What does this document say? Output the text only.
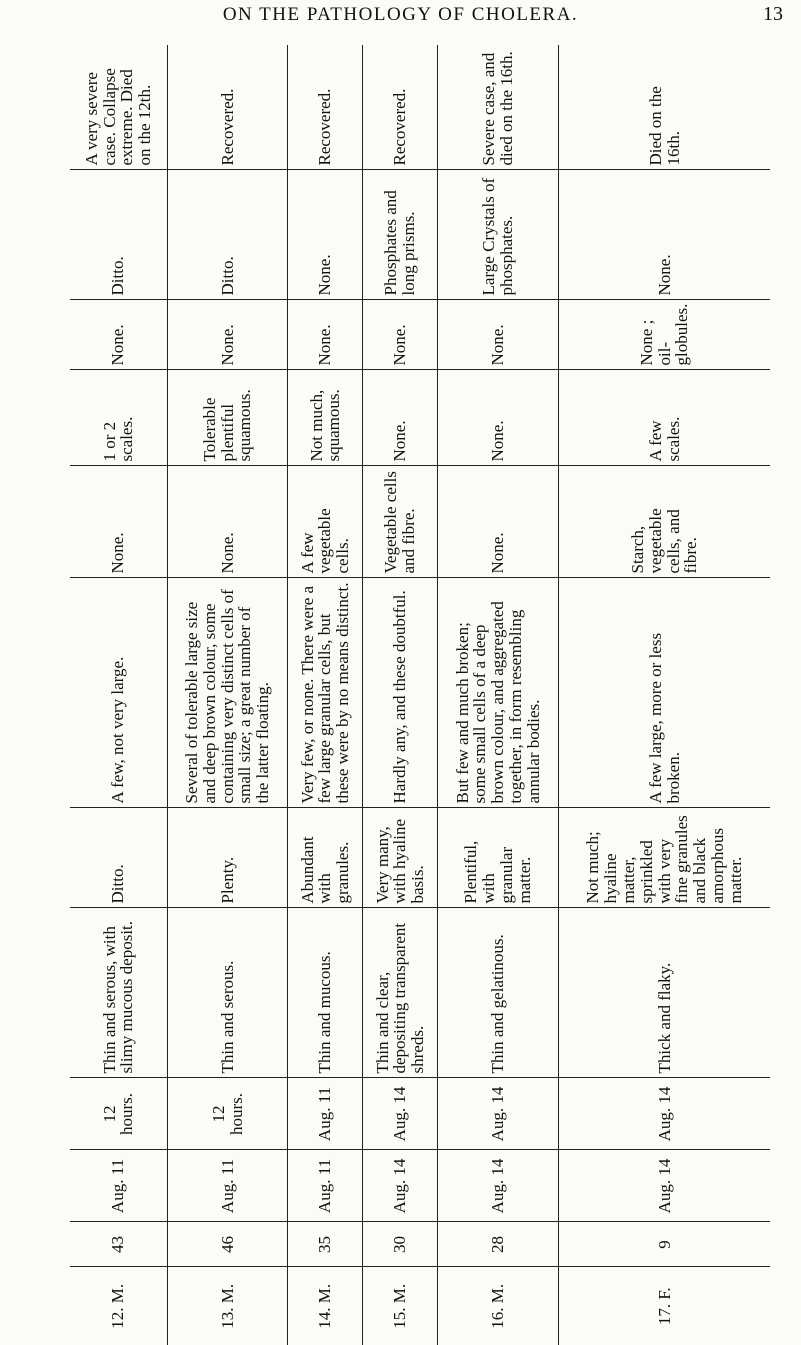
ON THE PATHOLOGY OF CHOLERA.	13
12. M.	43	Aug. 11	12 hours.	Thin and serous, with slimy mucous deposit.	Ditto.	A few, not very large.	None.	1 or 2 scales.	None.	Ditto.	A very severe case. Collapse extreme. Died on the 12th.
13. M.	46	Aug. 11	12 hours.	Thin and serous.	Plenty.	Several of tolerable large size and deep brown colour, some containing very distinct cells of small size; a great number of the latter floating.	None.	Tolerable plentiful squamous.	None.	Ditto.	Recovered.
14. M.	35	Aug. 11	Aug. 11	Thin and mucous.	Abundant with granules.	Very few, or none. There were a few large granular cells, but these were by no means distinct.	A few vegetable cells.	Not much, squamous.	None.	None.	Recovered.
15. M.	30	Aug. 14	Aug. 14	Thin and clear, depositing transparent shreds.	Very many, with hyaline basis.	Hardly any, and these doubtful.	Vegetable cells and fibre.	None.	None.	Phosphates and long prisms.	Recovered.
16. M.	28	Aug. 14	Aug. 14	Thin and gelatinous.	Plentiful, with granular matter.	But few and much broken; some small cells of a deep brown colour, and aggregated together, in form resembling annular bodies.	None.	None.	None.	Large Crystals of phosphates.	Severe case, and died on the 16th.
17. F.	9	Aug. 14	Aug. 14	Thick and flaky.	Not much; hyaline matter, sprinkled with very fine granules and black amorphous matter.	A few large, more or less broken.	Starch, vegetable cells, and fibre.	A few scales.	None ; oil-globules.	None.	Died on the 16th.
